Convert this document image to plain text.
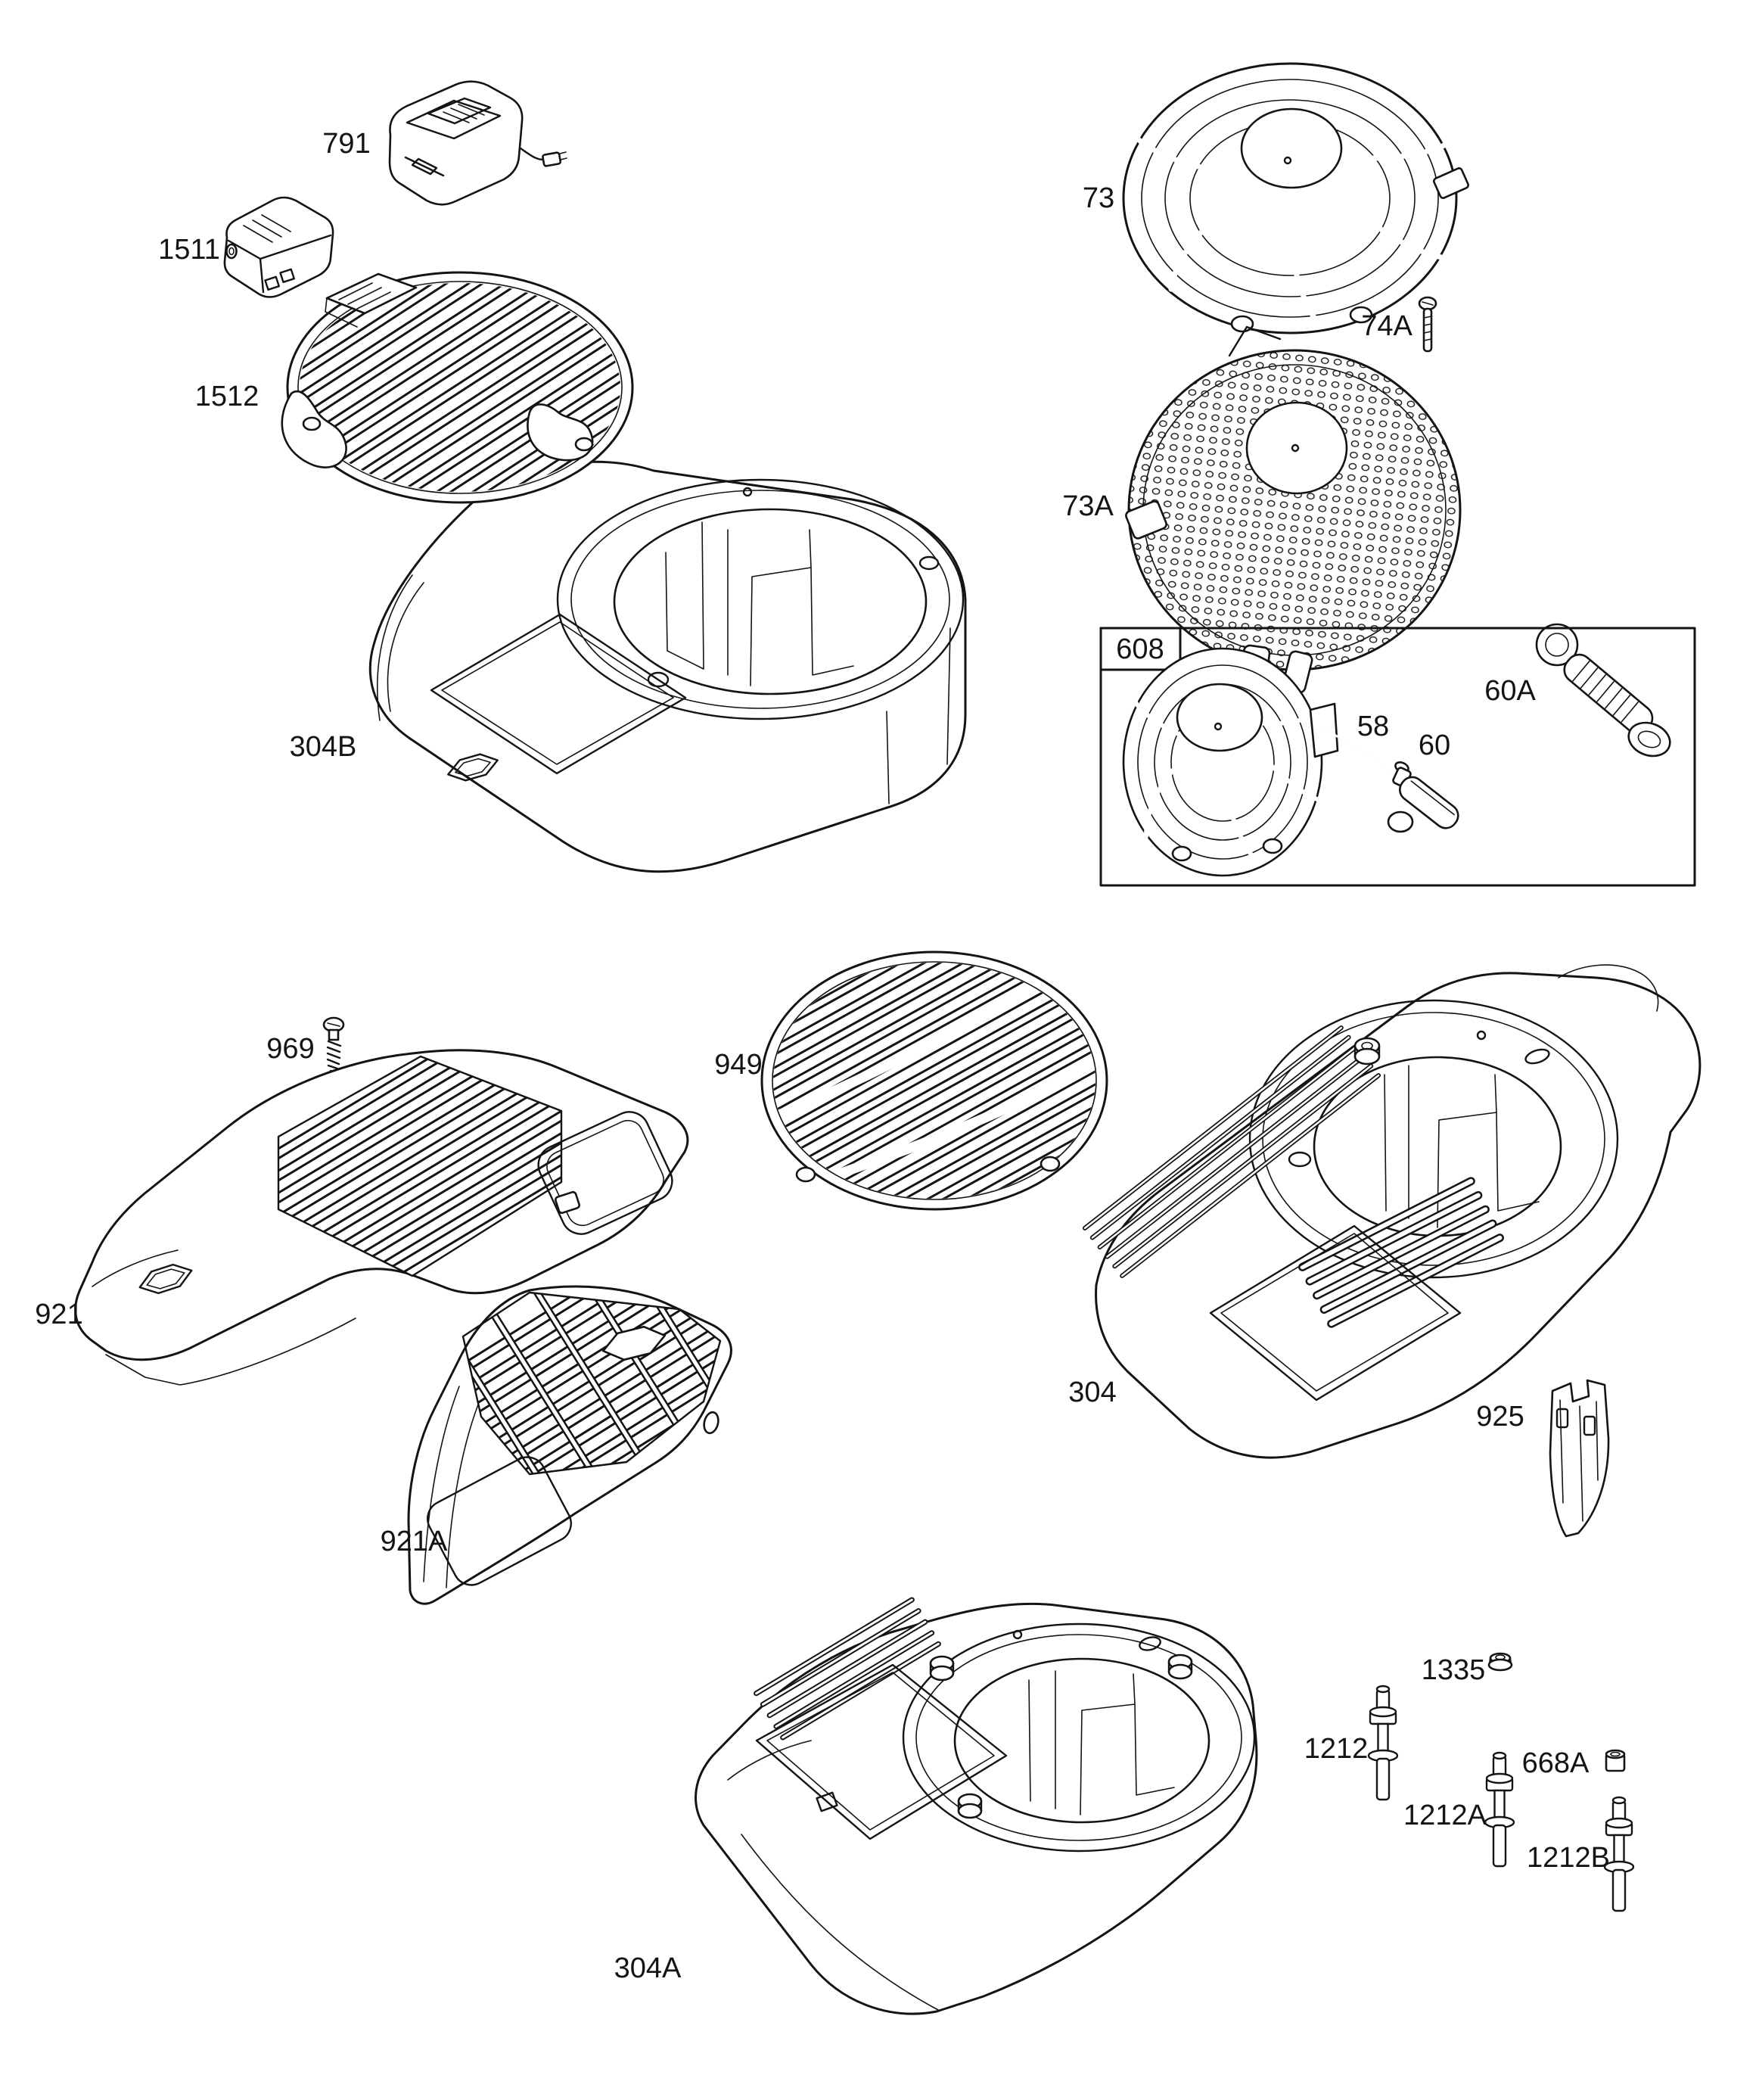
791
1511
304B
1512
73
74A
73A
60A
608
58
60
969
304
949
921
304A
921A
925
1335
1212
1212A
668A
1212B
